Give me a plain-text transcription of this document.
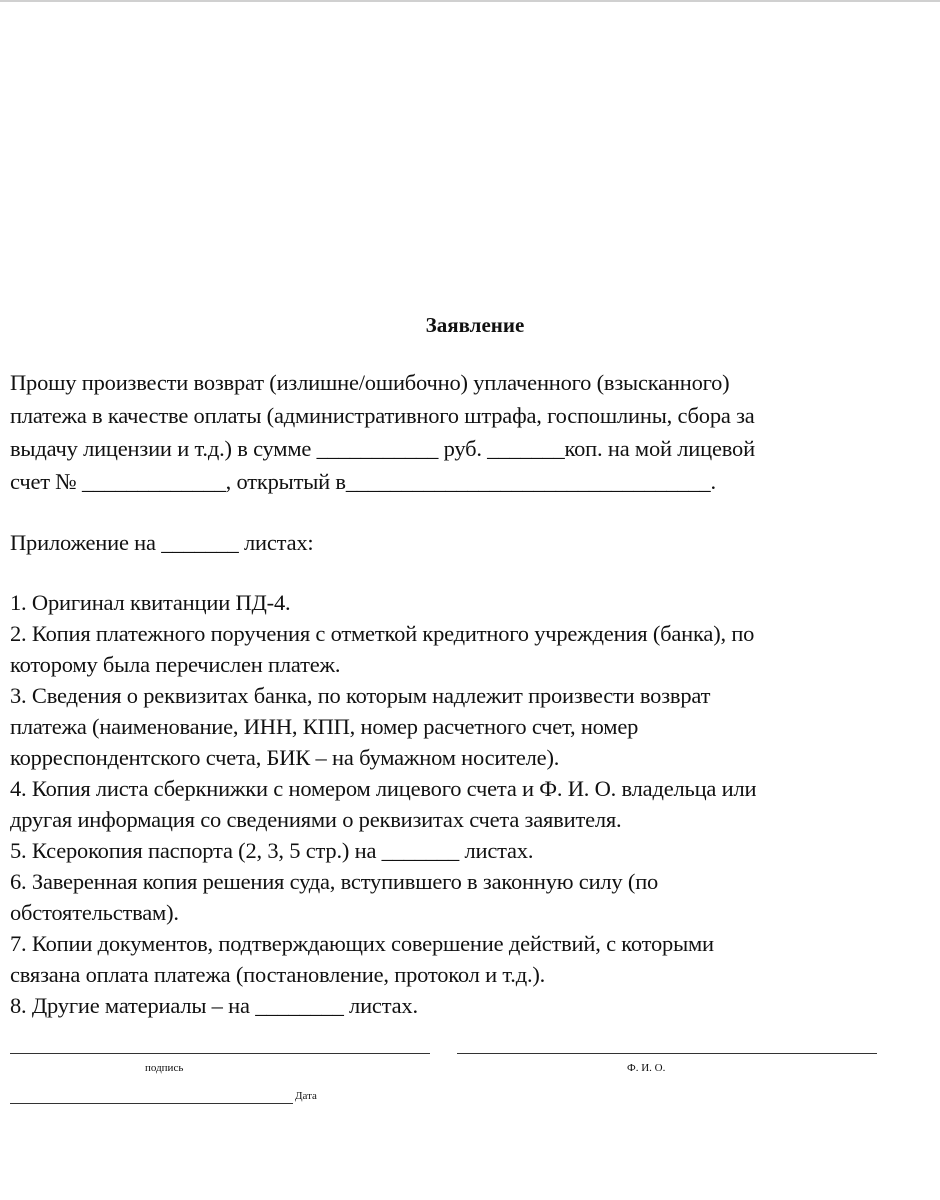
Заявление
Прошу произвести возврат (излишне/ошибочно) уплаченного (взысканного)
платежа в качестве оплаты (административного штрафа, госпошлины, сбора за
выдачу лицензии и т.д.) в сумме ___________ руб. _______коп. на мой лицевой
счет № _____________, открытый в_________________________________.
Приложение на _______ листах:
1. Оригинал квитанции ПД-4.
2. Копия платежного поручения с отметкой кредитного учреждения (банка), по
которому была перечислен платеж.
3. Сведения о реквизитах банка, по которым надлежит произвести возврат
платежа (наименование, ИНН, КПП, номер расчетного счет, номер
корреспондентского счета, БИК – на бумажном носителе).
4. Копия листа сберкнижки с номером лицевого счета и Ф. И. О. владельца или
другая информация со сведениями о реквизитах счета заявителя.
5. Ксерокопия паспорта (2, 3, 5 стр.) на _______ листах.
6. Заверенная копия решения суда, вступившего в законную силу (по
обстоятельствам).
7. Копии документов, подтверждающих совершение действий, с которыми
связана оплата платежа (постановление, протокол и т.д.).
8. Другие материалы – на ________ листах.
подпись	Ф. И. О.
Дата
